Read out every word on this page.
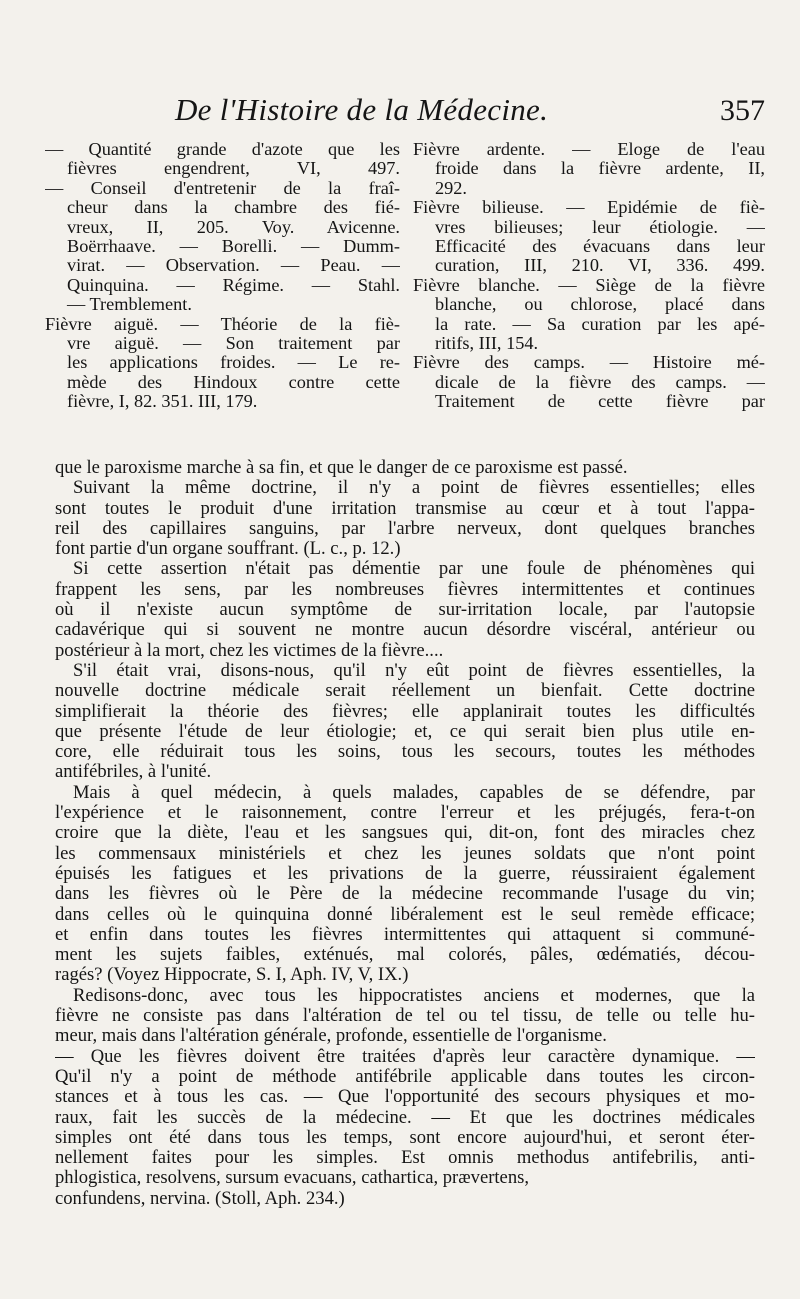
De l'Histoire de la Médecine.	357
— Quantité grande d'azote que les
fièvres engendrent, VI, 497.
— Conseil d'entretenir de la fraî-
cheur dans la chambre des fié-
vreux, II, 205. Voy. Avicenne.
Boërrhaave. — Borelli. — Dumm-
virat. — Observation. — Peau. —
Quinquina. — Régime. — Stahl.
— Tremblement.
Fièvre aiguë. — Théorie de la fiè-
vre aiguë. — Son traitement par
les applications froides. — Le re-
mède des Hindoux contre cette
fièvre, I, 82. 351. III, 179.
Fièvre ardente. — Eloge de l'eau
froide dans la fièvre ardente, II,
292.
Fièvre bilieuse. — Epidémie de fiè-
vres bilieuses; leur étiologie. —
Efficacité des évacuans dans leur
curation, III, 210. VI, 336. 499.
Fièvre blanche. — Siège de la fièvre
blanche, ou chlorose, placé dans
la rate. — Sa curation par les apé-
ritifs, III, 154.
Fièvre des camps. — Histoire mé-
dicale de la fièvre des camps. —
Traitement de cette fièvre par
que le paroxisme marche à sa fin, et que le danger de ce paroxisme est passé.
Suivant la même doctrine, il n'y a point de fièvres essentielles; elles
sont toutes le produit d'une irritation transmise au cœur et à tout l'appa-
reil des capillaires sanguins, par l'arbre nerveux, dont quelques branches
font partie d'un organe souffrant. (L. c., p. 12.)
Si cette assertion n'était pas démentie par une foule de phénomènes qui
frappent les sens, par les nombreuses fièvres intermittentes et continues
où il n'existe aucun symptôme de sur-irritation locale, par l'autopsie
cadavérique qui si souvent ne montre aucun désordre viscéral, antérieur ou
postérieur à la mort, chez les victimes de la fièvre....
S'il était vrai, disons-nous, qu'il n'y eût point de fièvres essentielles, la
nouvelle doctrine médicale serait réellement un bienfait. Cette doctrine
simplifierait la théorie des fièvres; elle applanirait toutes les difficultés
que présente l'étude de leur étiologie; et, ce qui serait bien plus utile en-
core, elle réduirait tous les soins, tous les secours, toutes les méthodes
antifébriles, à l'unité.
Mais à quel médecin, à quels malades, capables de se défendre, par
l'expérience et le raisonnement, contre l'erreur et les préjugés, fera-t-on
croire que la diète, l'eau et les sangsues qui, dit-on, font des miracles chez
les commensaux ministériels et chez les jeunes soldats que n'ont point
épuisés les fatigues et les privations de la guerre, réussiraient également
dans les fièvres où le Père de la médecine recommande l'usage du vin;
dans celles où le quinquina donné libéralement est le seul remède efficace;
et enfin dans toutes les fièvres intermittentes qui attaquent si communé-
ment les sujets faibles, exténués, mal colorés, pâles, œdématiés, décou-
ragés? (Voyez Hippocrate, S. I, Aph. IV, V, IX.)
Redisons-donc, avec tous les hippocratistes anciens et modernes, que la
fièvre ne consiste pas dans l'altération de tel ou tel tissu, de telle ou telle hu-
meur, mais dans l'altération générale, profonde, essentielle de l'organisme.
— Que les fièvres doivent être traitées d'après leur caractère dynamique. —
Qu'il n'y a point de méthode antifébrile applicable dans toutes les circon-
stances et à tous les cas. — Que l'opportunité des secours physiques et mo-
raux, fait les succès de la médecine. — Et que les doctrines médicales
simples ont été dans tous les temps, sont encore aujourd'hui, et seront éter-
nellement faites pour les simples. Est omnis methodus antifebrilis, anti-
phlogistica, resolvens, sursum evacuans, cathartica, prævertens,
confundens, nervina. (Stoll, Aph. 234.)
